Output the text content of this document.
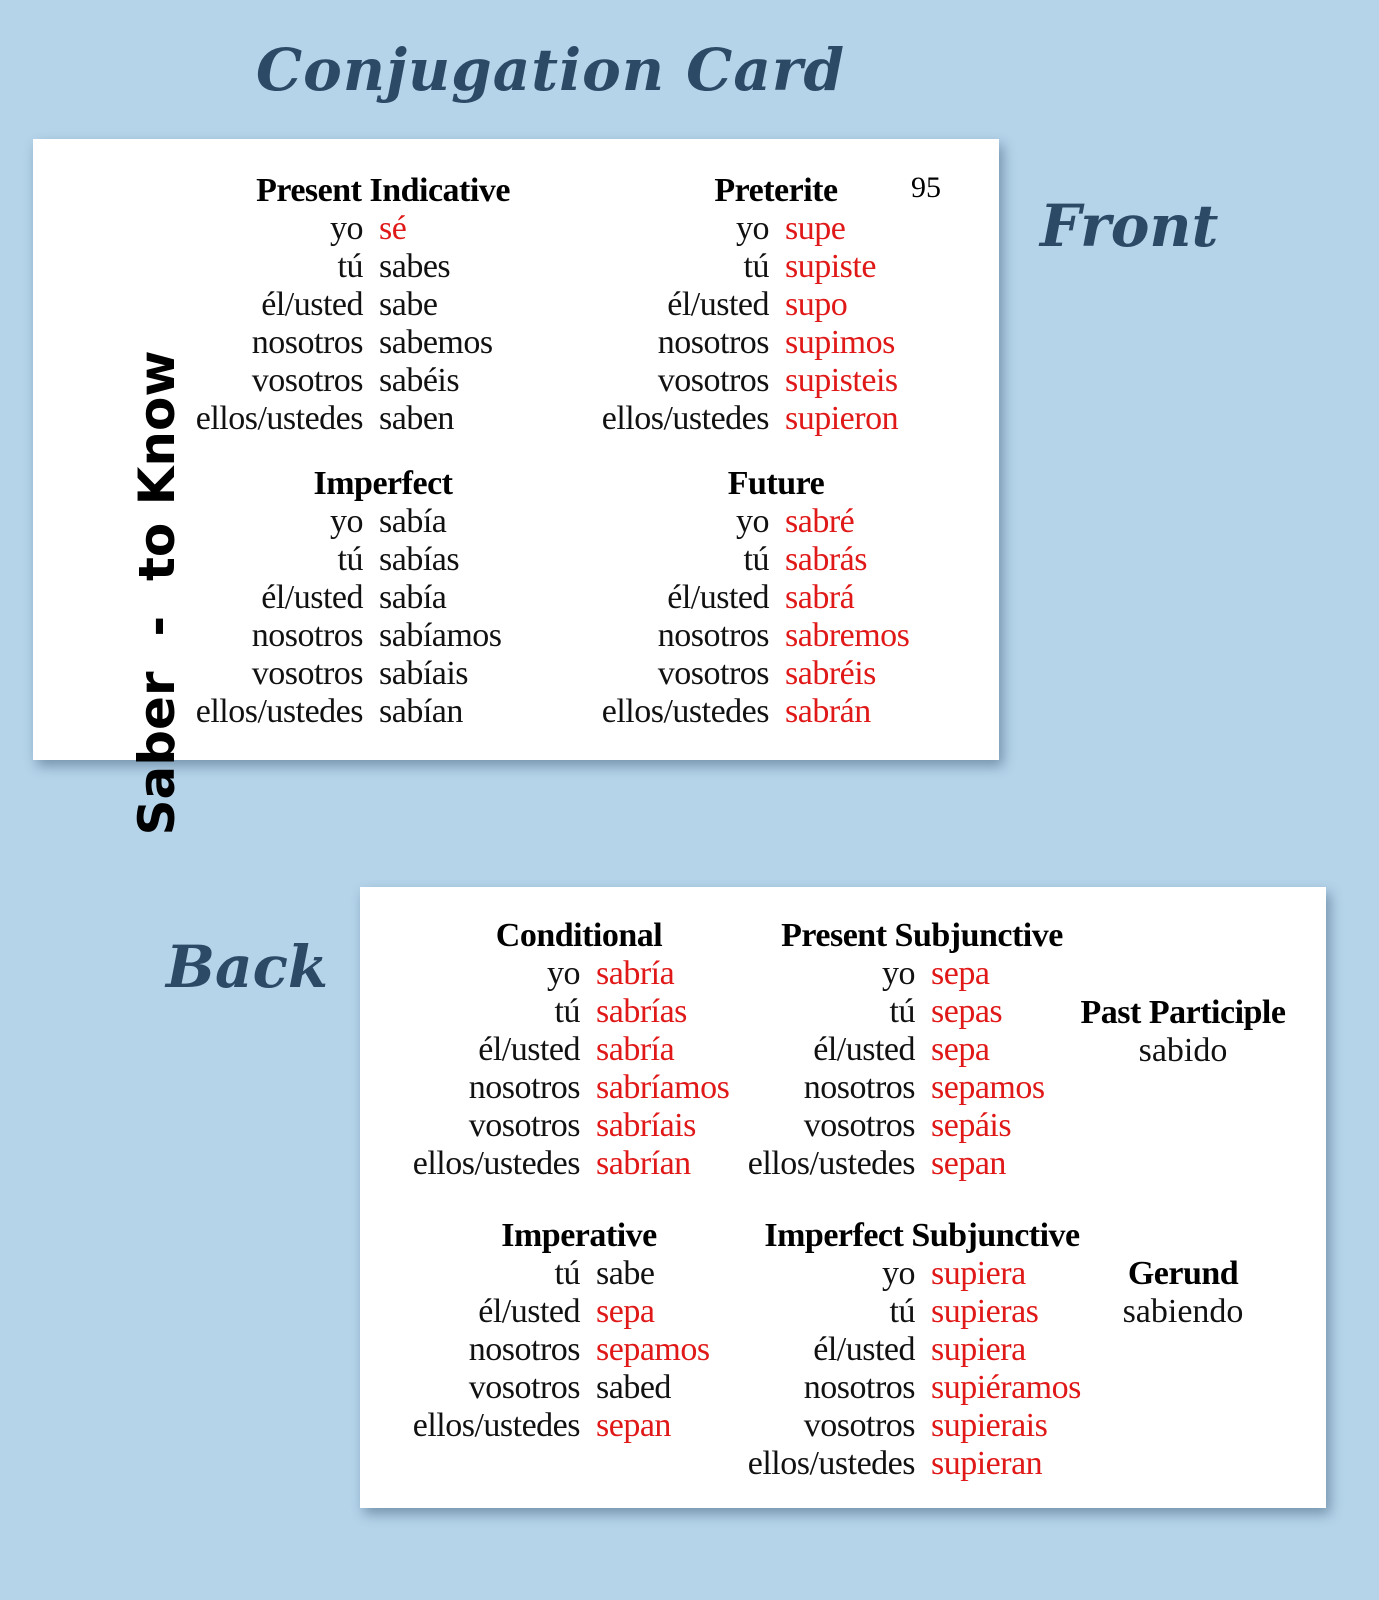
Conjugation Card
Front
Back
Saber  -  to Know
95
Present Indicative
yo sé
tú sabes
él/usted sabe
nosotros sabemos
vosotros sabéis
ellos/ustedes saben
Preterite
yo supe
tú supiste
él/usted supo
nosotros supimos
vosotros supisteis
ellos/ustedes supieron
Imperfect
yo sabía
tú sabías
él/usted sabía
nosotros sabíamos
vosotros sabíais
ellos/ustedes sabían
Future
yo sabré
tú sabrás
él/usted sabrá
nosotros sabremos
vosotros sabréis
ellos/ustedes sabrán
Conditional
yo sabría
tú sabrías
él/usted sabría
nosotros sabríamos
vosotros sabríais
ellos/ustedes sabrían
Present Subjunctive
yo sepa
tú sepas
él/usted sepa
nosotros sepamos
vosotros sepáis
ellos/ustedes sepan
Imperative
tú sabe
él/usted sepa
nosotros sepamos
vosotros sabed
ellos/ustedes sepan
Imperfect Subjunctive
yo supiera
tú supieras
él/usted supiera
nosotros supiéramos
vosotros supierais
ellos/ustedes supieran
Past Participle
sabido
Gerund
sabiendo
